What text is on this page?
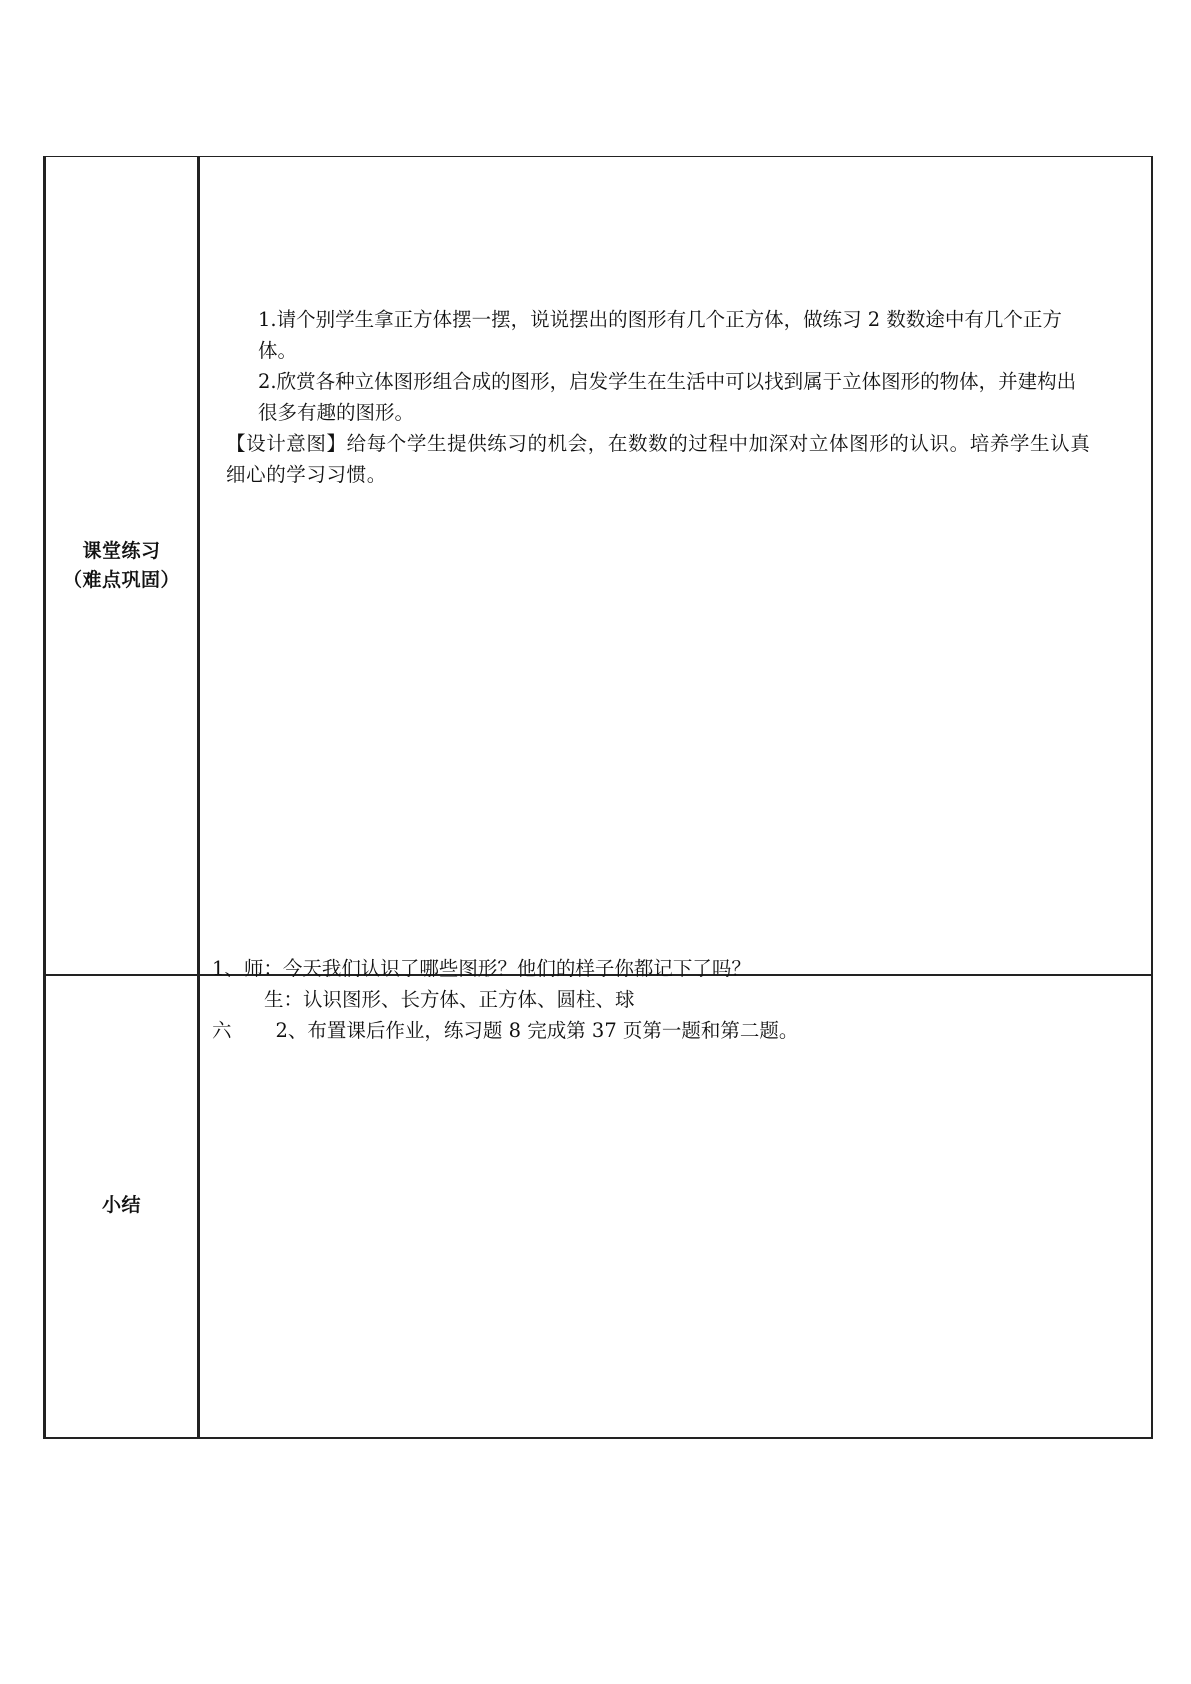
课堂练习
（难点巩固）
小结
1.请个别学生拿正方体摆一摆，说说摆出的图形有几个正方体，做练习 2 数数途中有几个正方体。
2.欣赏各种立体图形组合成的图形，启发学生在生活中可以找到属于立体图形的物体，并建构出很多有趣的图形。
【设计意图】给每个学生提供练习的机会，在数数的过程中加深对立体图形的认识。培养学生认真细心的学习习惯。
1、师：今天我们认识了哪些图形？他们的样子你都记下了吗？
生：认识图形、长方体、正方体、圆柱、球
六 2、布置课后作业，练习题 8 完成第 37 页第一题和第二题。
